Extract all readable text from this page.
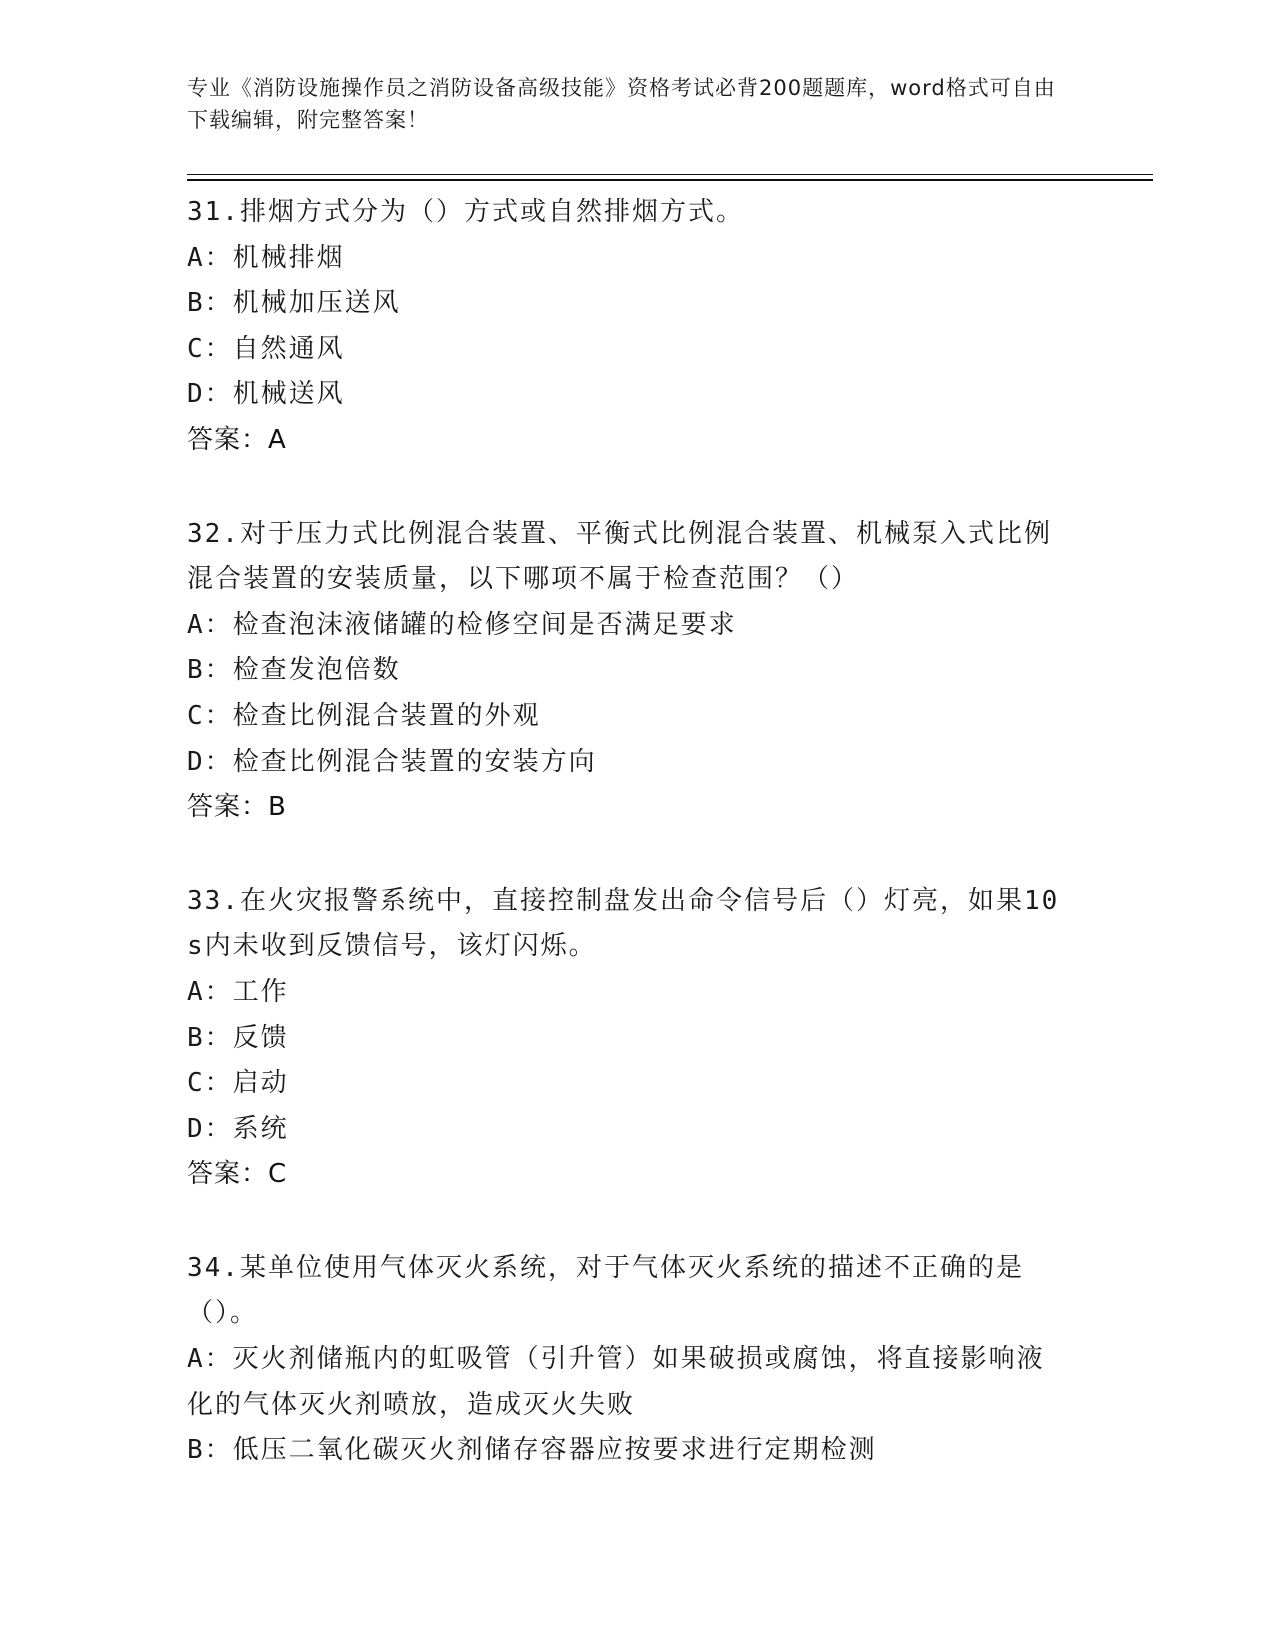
专业《消防设施操作员之消防设备高级技能》资格考试必背200题题库，word格式可自由下载编辑，附完整答案！

31.排烟方式分为（）方式或自然排烟方式。

A：机械排烟

B：机械加压送风

C：自然通风

D：机械送风

答案：A

32.对于压力式比例混合装置、平衡式比例混合装置、机械泵入式比例混合装置的安装质量，以下哪项不属于检查范围？（）

A：检查泡沫液储罐的检修空间是否满足要求

B：检查发泡倍数

C：检查比例混合装置的外观

D：检查比例混合装置的安装方向

答案：B

33.在火灾报警系统中，直接控制盘发出命令信号后（）灯亮，如果10s内未收到反馈信号，该灯闪烁。

A：工作

B：反馈

C：启动

D：系统

答案：C

34.某单位使用气体灭火系统，对于气体灭火系统的描述不正确的是（）。

A：灭火剂储瓶内的虹吸管（引升管）如果破损或腐蚀，将直接影响液化的气体灭火剂喷放，造成灭火失败

B：低压二氧化碳灭火剂储存容器应按要求进行定期检测
